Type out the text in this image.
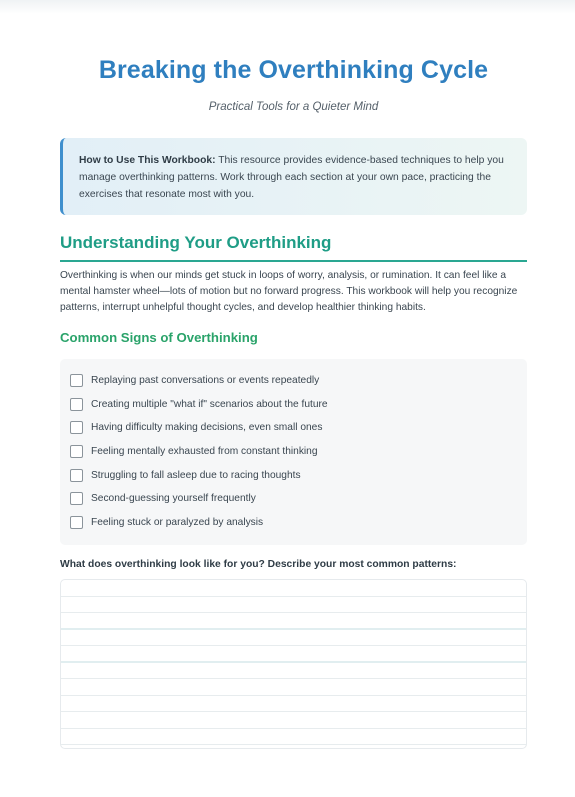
Breaking the Overthinking Cycle
Practical Tools for a Quieter Mind
How to Use This Workbook: This resource provides evidence-based techniques to help you manage overthinking patterns. Work through each section at your own pace, practicing the exercises that resonate most with you.
Understanding Your Overthinking
Overthinking is when our minds get stuck in loops of worry, analysis, or rumination. It can feel like a mental hamster wheel—lots of motion but no forward progress. This workbook will help you recognize patterns, interrupt unhelpful thought cycles, and develop healthier thinking habits.
Common Signs of Overthinking
Replaying past conversations or events repeatedly
Creating multiple "what if" scenarios about the future
Having difficulty making decisions, even small ones
Feeling mentally exhausted from constant thinking
Struggling to fall asleep due to racing thoughts
Second-guessing yourself frequently
Feeling stuck or paralyzed by analysis
What does overthinking look like for you? Describe your most common patterns:
